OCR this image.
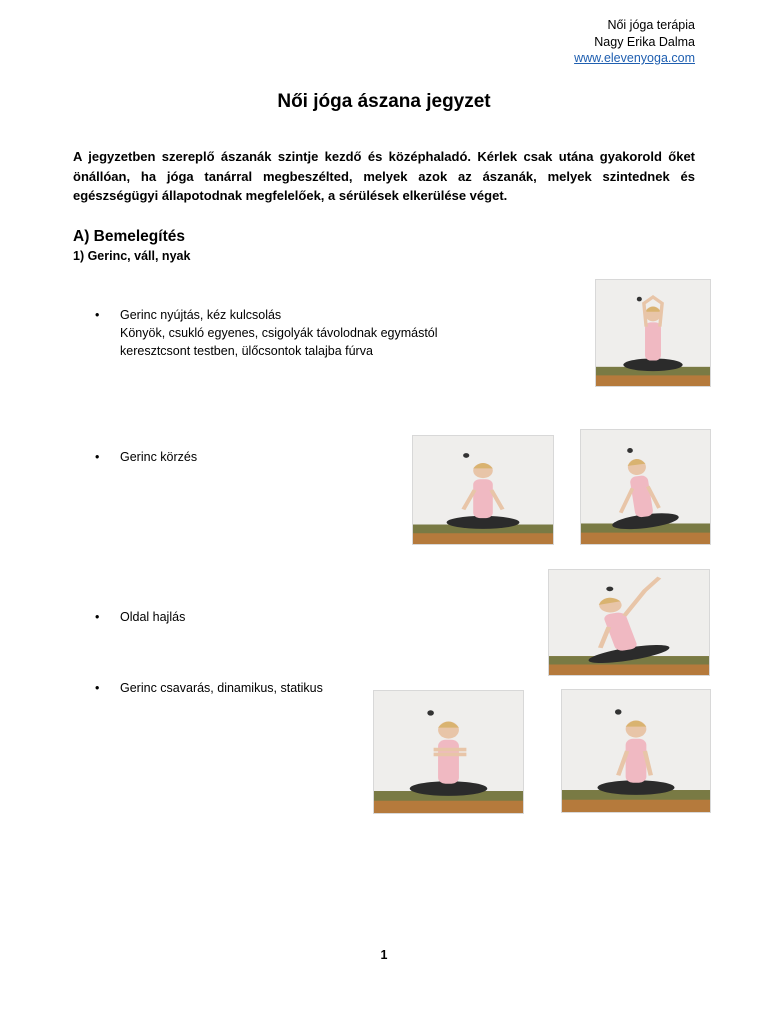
Női jóga terápia
Nagy Erika Dalma
www.elevenyoga.com
Női jóga ászana jegyzet
A jegyzetben szereplő ászanák szintje kezdő és középhaladó. Kérlek csak utána gyakorold őket önállóan, ha jóga tanárral megbeszélted, melyek azok az ászanák, melyek szintednek és egészségügyi állapotodnak megfelelőek, a sérülések elkerülése véget.
A) Bemelegítés
1) Gerinc, váll, nyak
• Gerinc nyújtás, kéz kulcsolás
Könyök, csukló egyenes, csigolyák távolodnak egymástól
keresztcsont testben, ülőcsontok talajba fúrva
• Gerinc körzés
• Oldal hajlás
• Gerinc csavarás, dinamikus, statikus
1
